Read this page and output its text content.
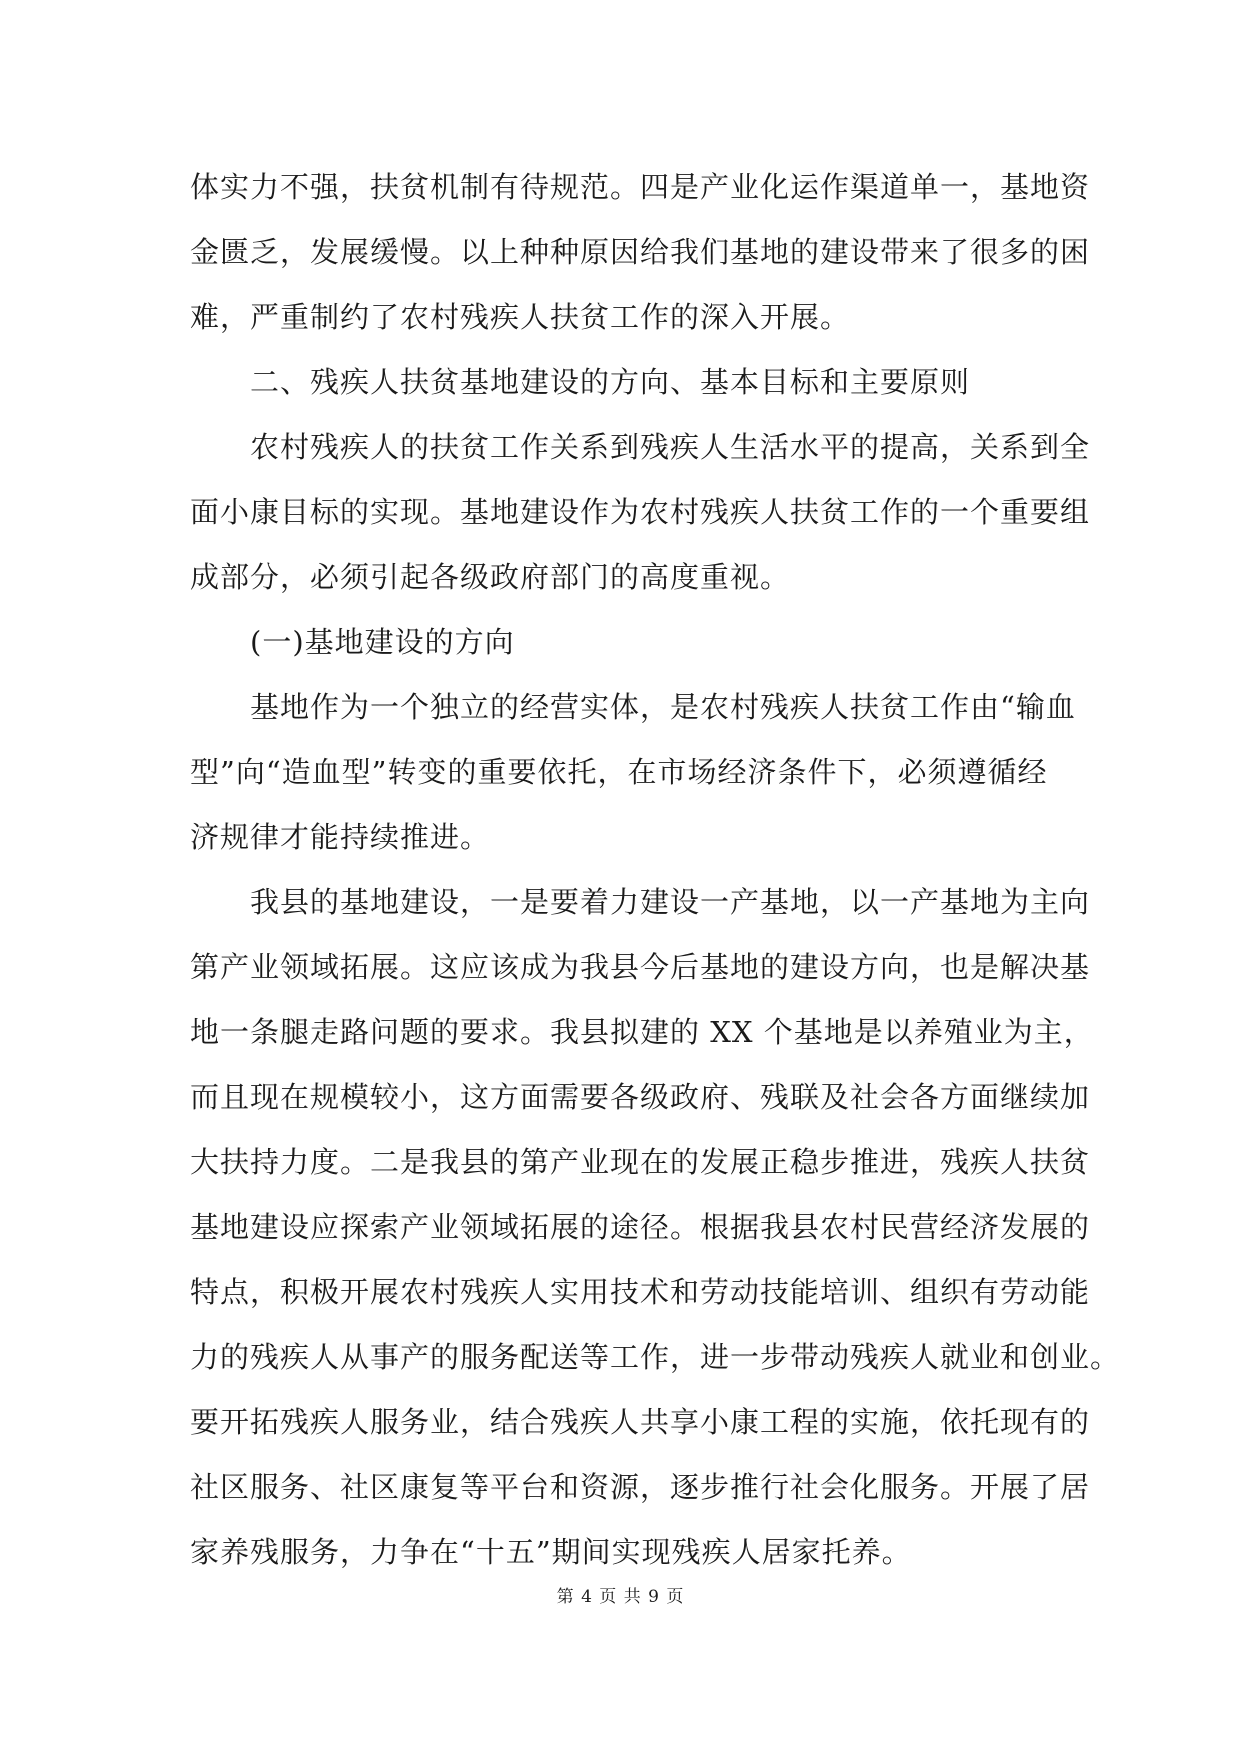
体实力不强，扶贫机制有待规范。四是产业化运作渠道单一，基地资
金匮乏，发展缓慢。以上种种原因给我们基地的建设带来了很多的困
难，严重制约了农村残疾人扶贫工作的深入开展。
二、残疾人扶贫基地建设的方向、基本目标和主要原则
农村残疾人的扶贫工作关系到残疾人生活水平的提高，关系到全
面小康目标的实现。基地建设作为农村残疾人扶贫工作的一个重要组
成部分，必须引起各级政府部门的高度重视。
(一)基地建设的方向
基地作为一个独立的经营实体，是农村残疾人扶贫工作由“输血
型”向“造血型”转变的重要依托，在市场经济条件下，必须遵循经
济规律才能持续推进。
我县的基地建设，一是要着力建设一产基地，以一产基地为主向
第产业领域拓展。这应该成为我县今后基地的建设方向，也是解决基
地一条腿走路问题的要求。我县拟建的 XX 个基地是以养殖业为主，
而且现在规模较小，这方面需要各级政府、残联及社会各方面继续加
大扶持力度。二是我县的第产业现在的发展正稳步推进，残疾人扶贫
基地建设应探索产业领域拓展的途径。根据我县农村民营经济发展的
特点，积极开展农村残疾人实用技术和劳动技能培训、组织有劳动能
力的残疾人从事产的服务配送等工作，进一步带动残疾人就业和创业。
要开拓残疾人服务业，结合残疾人共享小康工程的实施，依托现有的
社区服务、社区康复等平台和资源，逐步推行社会化服务。开展了居
家养残服务，力争在“十五”期间实现残疾人居家托养。
第 4 页 共 9 页
